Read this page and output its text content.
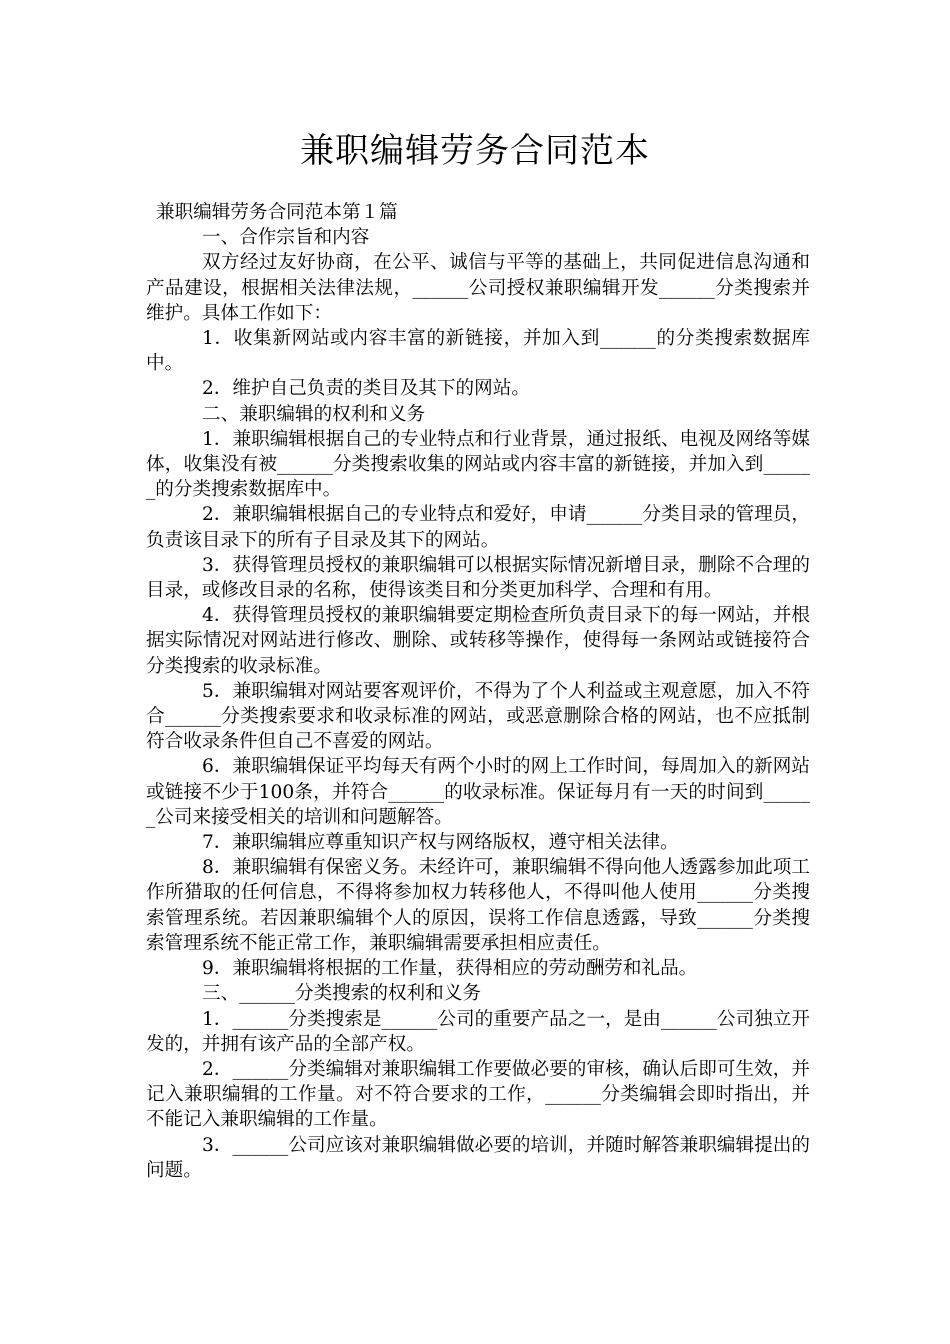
兼职编辑劳务合同范本

兼职编辑劳务合同范本第１篇

一、合作宗旨和内容

双方经过友好协商，在公平、诚信与平等的基础上，共同促进信息沟通和产品建设，根据相关法律法规，______公司授权兼职编辑开发______分类搜索并维护。具体工作如下：

1．收集新网站或内容丰富的新链接，并加入到______的分类搜索数据库中。

2．维护自己负责的类目及其下的网站。

二、兼职编辑的权利和义务

1．兼职编辑根据自己的专业特点和行业背景，通过报纸、电视及网络等媒体，收集没有被______分类搜索收集的网站或内容丰富的新链接，并加入到______的分类搜索数据库中。

2．兼职编辑根据自己的专业特点和爱好，申请______分类目录的管理员，负责该目录下的所有子目录及其下的网站。

3．获得管理员授权的兼职编辑可以根据实际情况新增目录，删除不合理的目录，或修改目录的名称，使得该类目和分类更加科学、合理和有用。

4．获得管理员授权的兼职编辑要定期检查所负责目录下的每一网站，并根据实际情况对网站进行修改、删除、或转移等操作，使得每一条网站或链接符合分类搜索的收录标准。

5．兼职编辑对网站要客观评价，不得为了个人利益或主观意愿，加入不符合______分类搜索要求和收录标准的网站，或恶意删除合格的网站，也不应抵制符合收录条件但自己不喜爱的网站。

6．兼职编辑保证平均每天有两个小时的网上工作时间，每周加入的新网站或链接不少于100条，并符合______的收录标准。保证每月有一天的时间到______公司来接受相关的培训和问题解答。

7．兼职编辑应尊重知识产权与网络版权，遵守相关法律。

8．兼职编辑有保密义务。未经许可，兼职编辑不得向他人透露参加此项工作所猎取的任何信息，不得将参加权力转移他人，不得叫他人使用______分类搜索管理系统。若因兼职编辑个人的原因，误将工作信息透露，导致______分类搜索管理系统不能正常工作，兼职编辑需要承担相应责任。

9．兼职编辑将根据的工作量，获得相应的劳动酬劳和礼品。

三、______分类搜索的权利和义务

1．______分类搜索是______公司的重要产品之一，是由______公司独立开发的，并拥有该产品的全部产权。

2．______分类编辑对兼职编辑工作要做必要的审核，确认后即可生效，并记入兼职编辑的工作量。对不符合要求的工作，______分类编辑会即时指出，并不能记入兼职编辑的工作量。

3．______公司应该对兼职编辑做必要的培训，并随时解答兼职编辑提出的问题。
